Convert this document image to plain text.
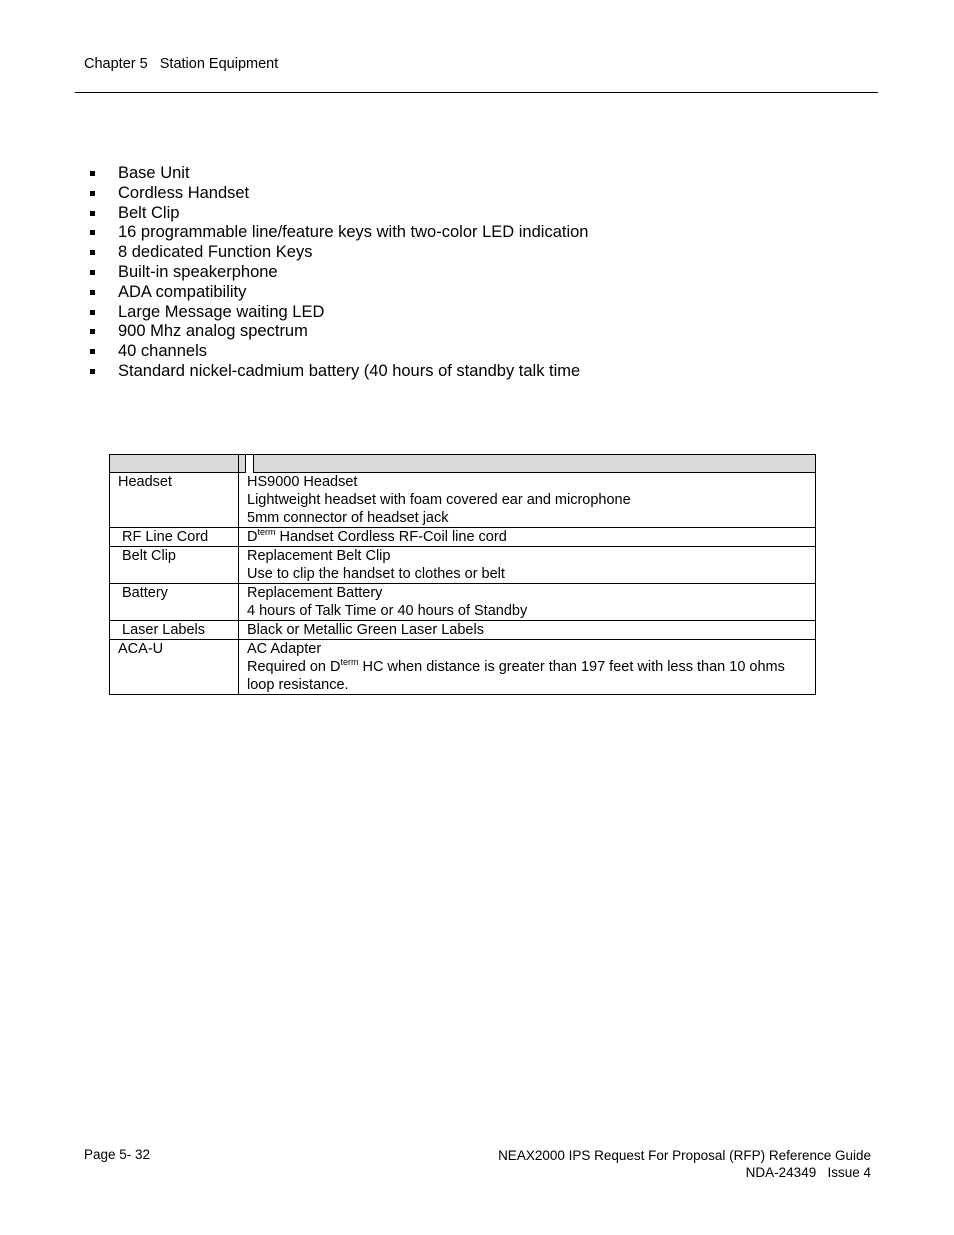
Chapter 5   Station Equipment
Base Unit
Cordless Handset
Belt Clip
16 programmable line/feature keys with two-color LED indication
8 dedicated Function Keys
Built-in speakerphone
ADA compatibility
Large Message waiting LED
900 Mhz analog spectrum
40 channels
Standard nickel-cadmium battery (40 hours of standby talk time

Headset	HS9000 Headset
Lightweight headset with foam covered ear and microphone
5mm connector of headset jack

RF Line Cord	$D^{term}$ Handset Cordless RF-Coil line cord
Belt Clip	Replacement Belt Clip
Use to clip the handset to clothes or belt

Battery	Replacement Battery
4 hours of Talk Time or 40 hours of Standby

Laser Labels	Black or Metallic Green Laser Labels

ACA-U	AC Adapter
Required on $D^{term}$ HC when distance is greater than 197 feet with less than 10 ohms loop resistance.
Page 5- 32	NEAX2000 IPS Request For Proposal (RFP) Reference Guide
NDA-24349   Issue 4
